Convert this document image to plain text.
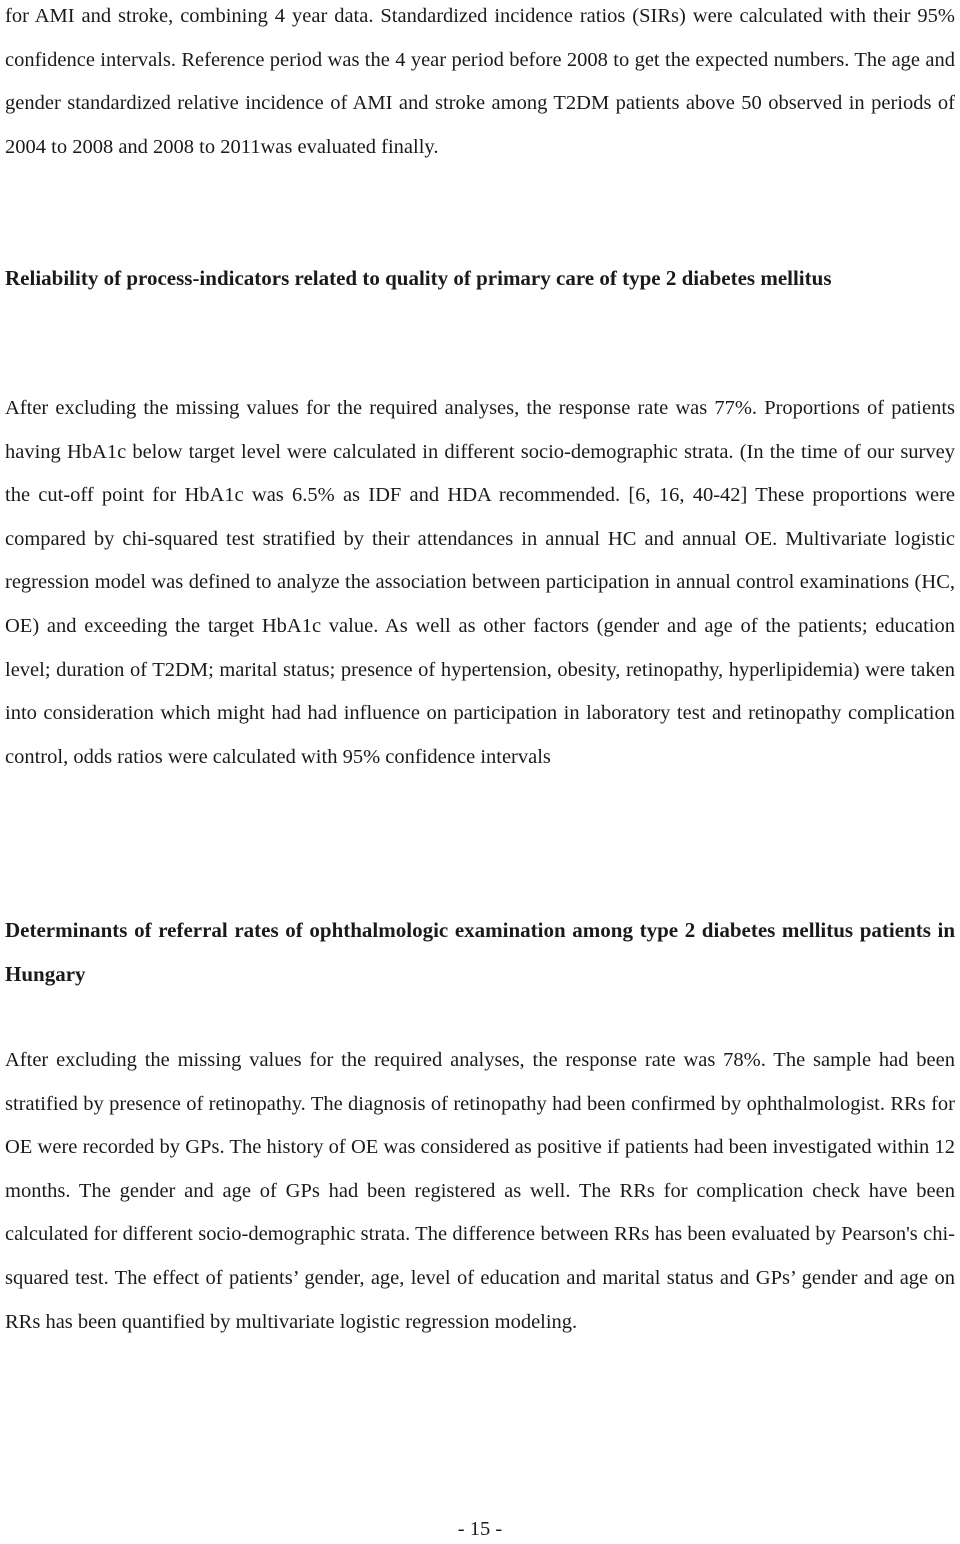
for AMI and stroke, combining 4 year data. Standardized incidence ratios (SIRs) were calculated with their 95% confidence intervals. Reference period was the 4 year period before 2008 to get the expected numbers. The age and gender standardized relative incidence of AMI and stroke among T2DM patients above 50 observed in periods of 2004 to 2008 and 2008 to 2011was evaluated finally.

Reliability of process-indicators related to quality of primary care of type 2 diabetes mellitus

After excluding the missing values for the required analyses, the response rate was 77%. Proportions of patients having HbA1c below target level were calculated in different socio-demographic strata. (In the time of our survey the cut-off point for HbA1c was 6.5% as IDF and HDA recommended. [6, 16, 40-42] These proportions were compared by chi-squared test stratified by their attendances in annual HC and annual OE. Multivariate logistic regression model was defined to analyze the association between participation in annual control examinations (HC, OE) and exceeding the target HbA1c value. As well as other factors (gender and age of the patients; education level; duration of T2DM; marital status; presence of hypertension, obesity, retinopathy, hyperlipidemia) were taken into consideration which might had had influence on participation in laboratory test and retinopathy complication control, odds ratios were calculated with 95% confidence intervals

Determinants of referral rates of ophthalmologic examination among type 2 diabetes mellitus patients in Hungary

After excluding the missing values for the required analyses, the response rate was 78%. The sample had been stratified by presence of retinopathy. The diagnosis of retinopathy had been confirmed by ophthalmologist. RRs for OE were recorded by GPs. The history of OE was considered as positive if patients had been investigated within 12 months. The gender and age of GPs had been registered as well. The RRs for complication check have been calculated for different socio-demographic strata. The difference between RRs has been evaluated by Pearson's chi-squared test. The effect of patients’ gender, age, level of education and marital status and GPs’ gender and age on RRs has been quantified by multivariate logistic regression modeling.

- 15 -
